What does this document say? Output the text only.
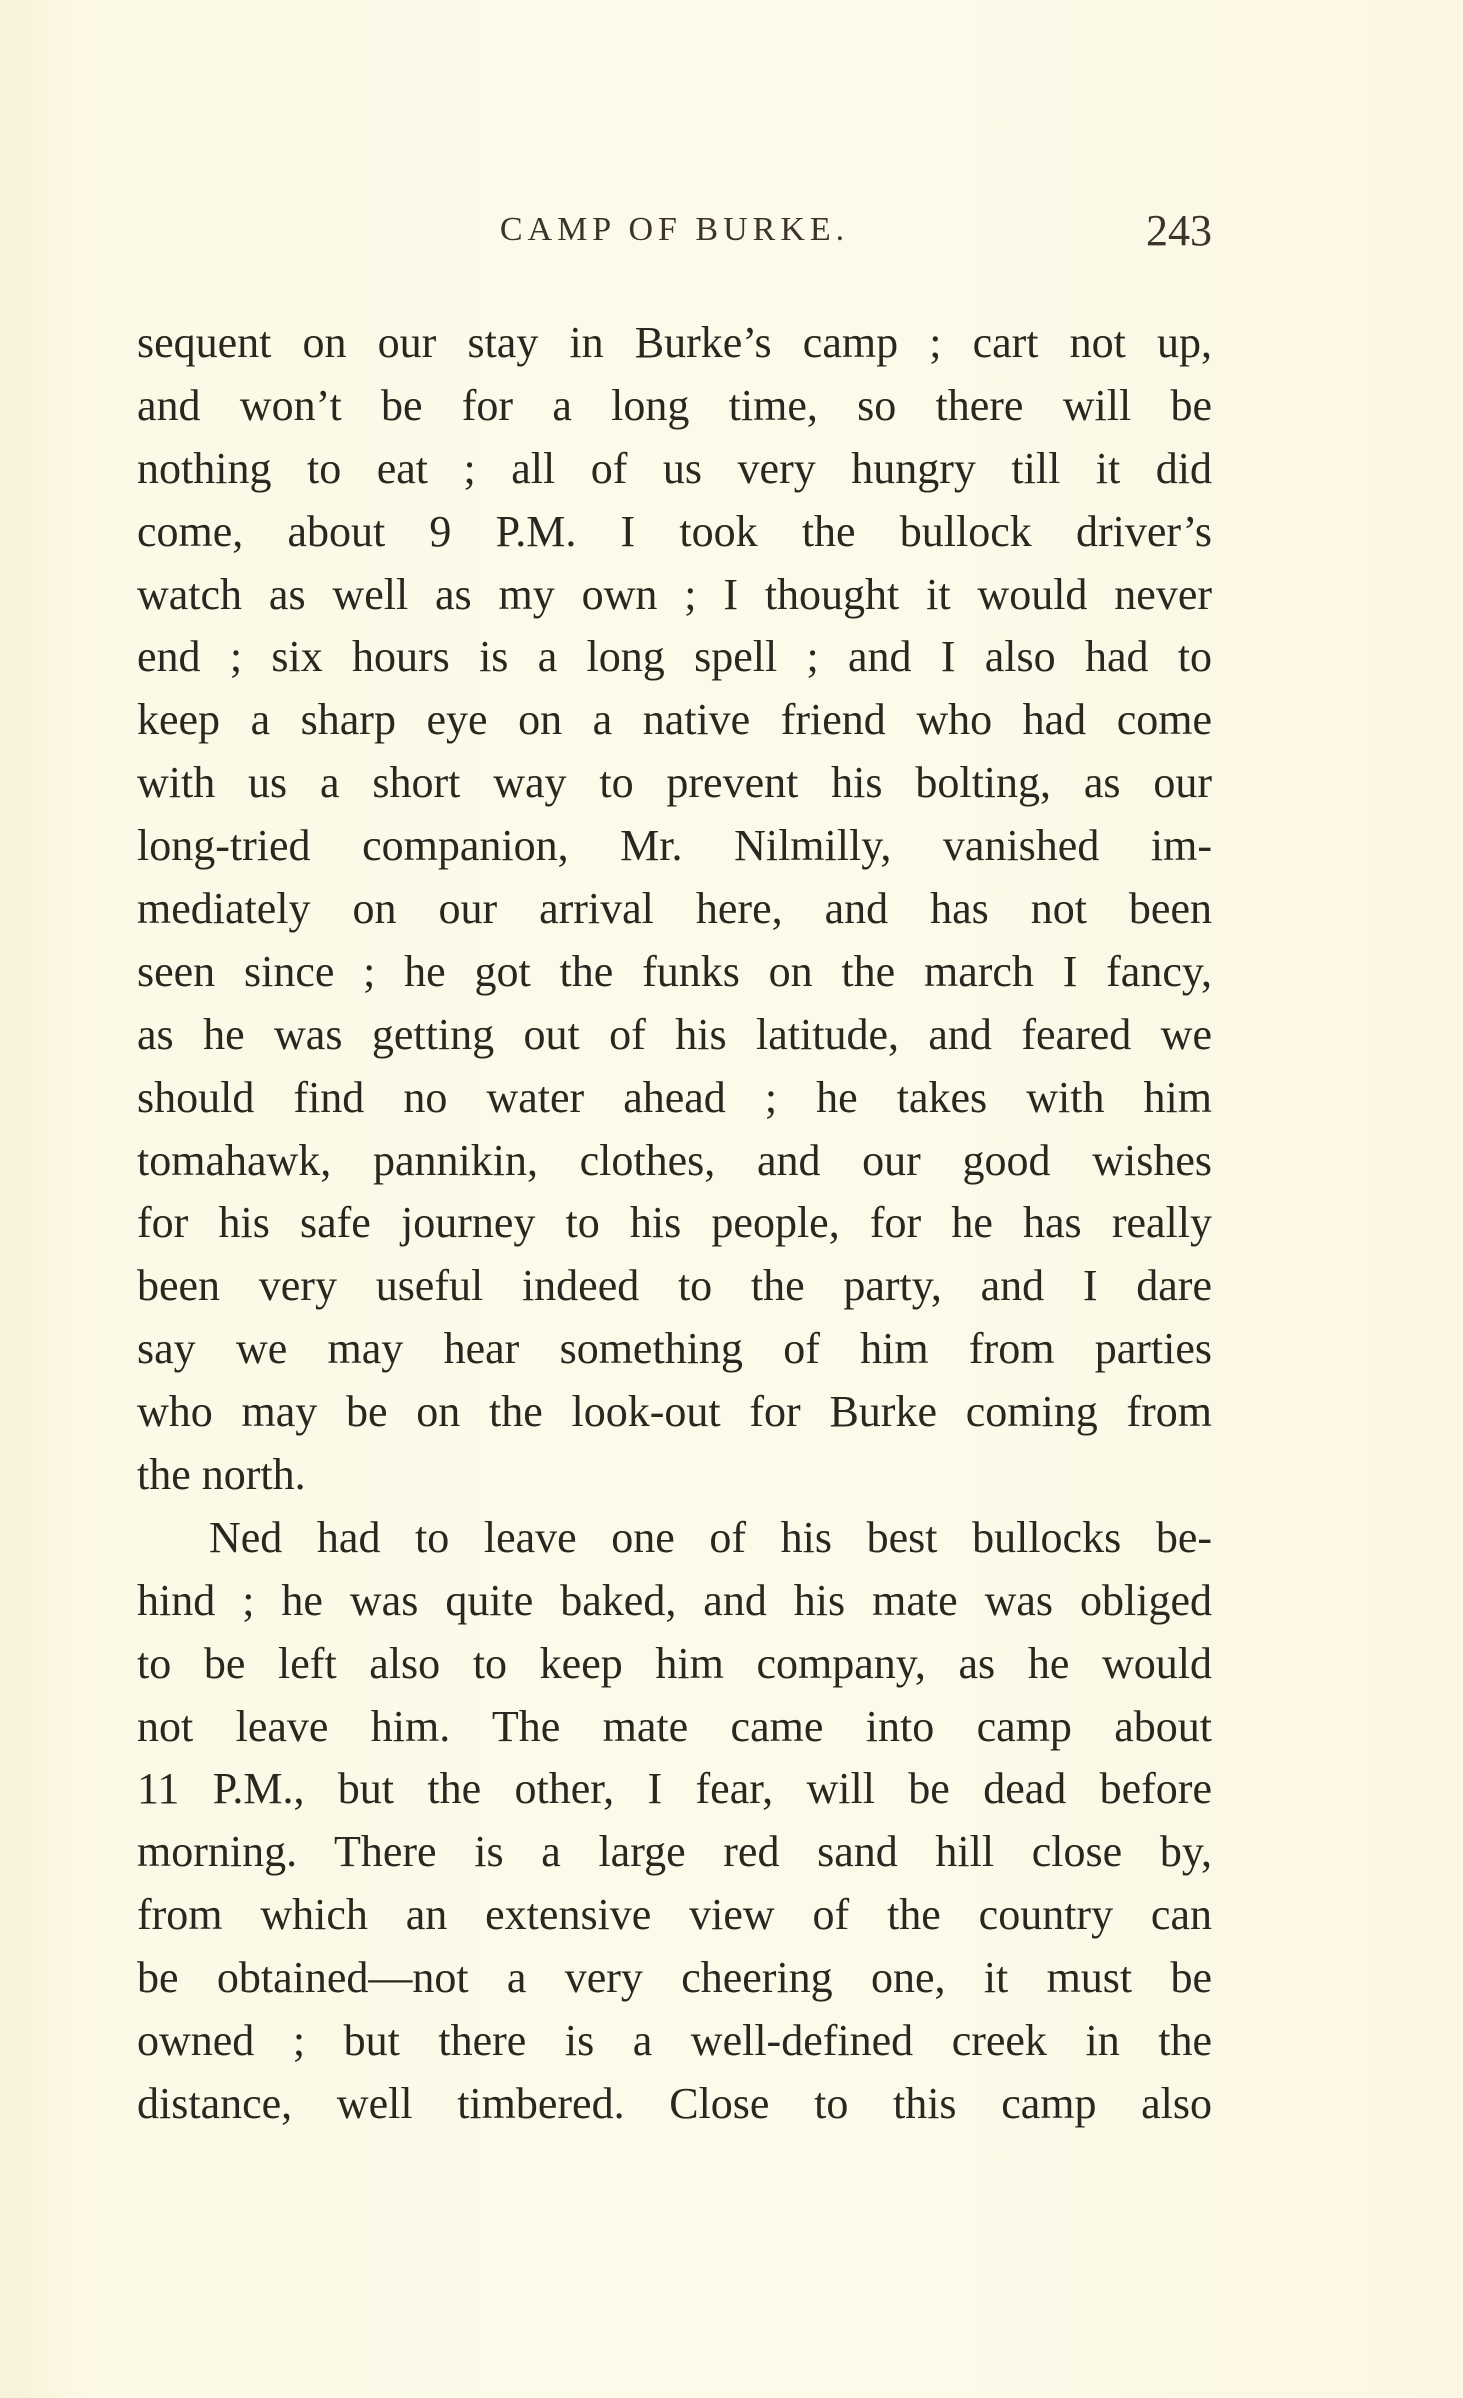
CAMP OF BURKE.	243
sequent on our stay in Burke’s camp ; cart not up,
and won’t be for a long time, so there will be
nothing to eat ; all of us very hungry till it did
come, about 9 P.M. I took the bullock driver’s
watch as well as my own ; I thought it would never
end ; six hours is a long spell ; and I also had to
keep a sharp eye on a native friend who had come
with us a short way to prevent his bolting, as our
long-tried companion, Mr. Nilmilly, vanished im-
mediately on our arrival here, and has not been
seen since ; he got the funks on the march I fancy,
as he was getting out of his latitude, and feared we
should find no water ahead ; he takes with him
tomahawk, pannikin, clothes, and our good wishes
for his safe journey to his people, for he has really
been very useful indeed to the party, and I dare
say we may hear something of him from parties
who may be on the look-out for Burke coming from
the north.
Ned had to leave one of his best bullocks be-
hind ; he was quite baked, and his mate was obliged
to be left also to keep him company, as he would
not leave him. The mate came into camp about
11 P.M., but the other, I fear, will be dead before
morning. There is a large red sand hill close by,
from which an extensive view of the country can
be obtained—not a very cheering one, it must be
owned ; but there is a well-defined creek in the
distance, well timbered. Close to this camp also
